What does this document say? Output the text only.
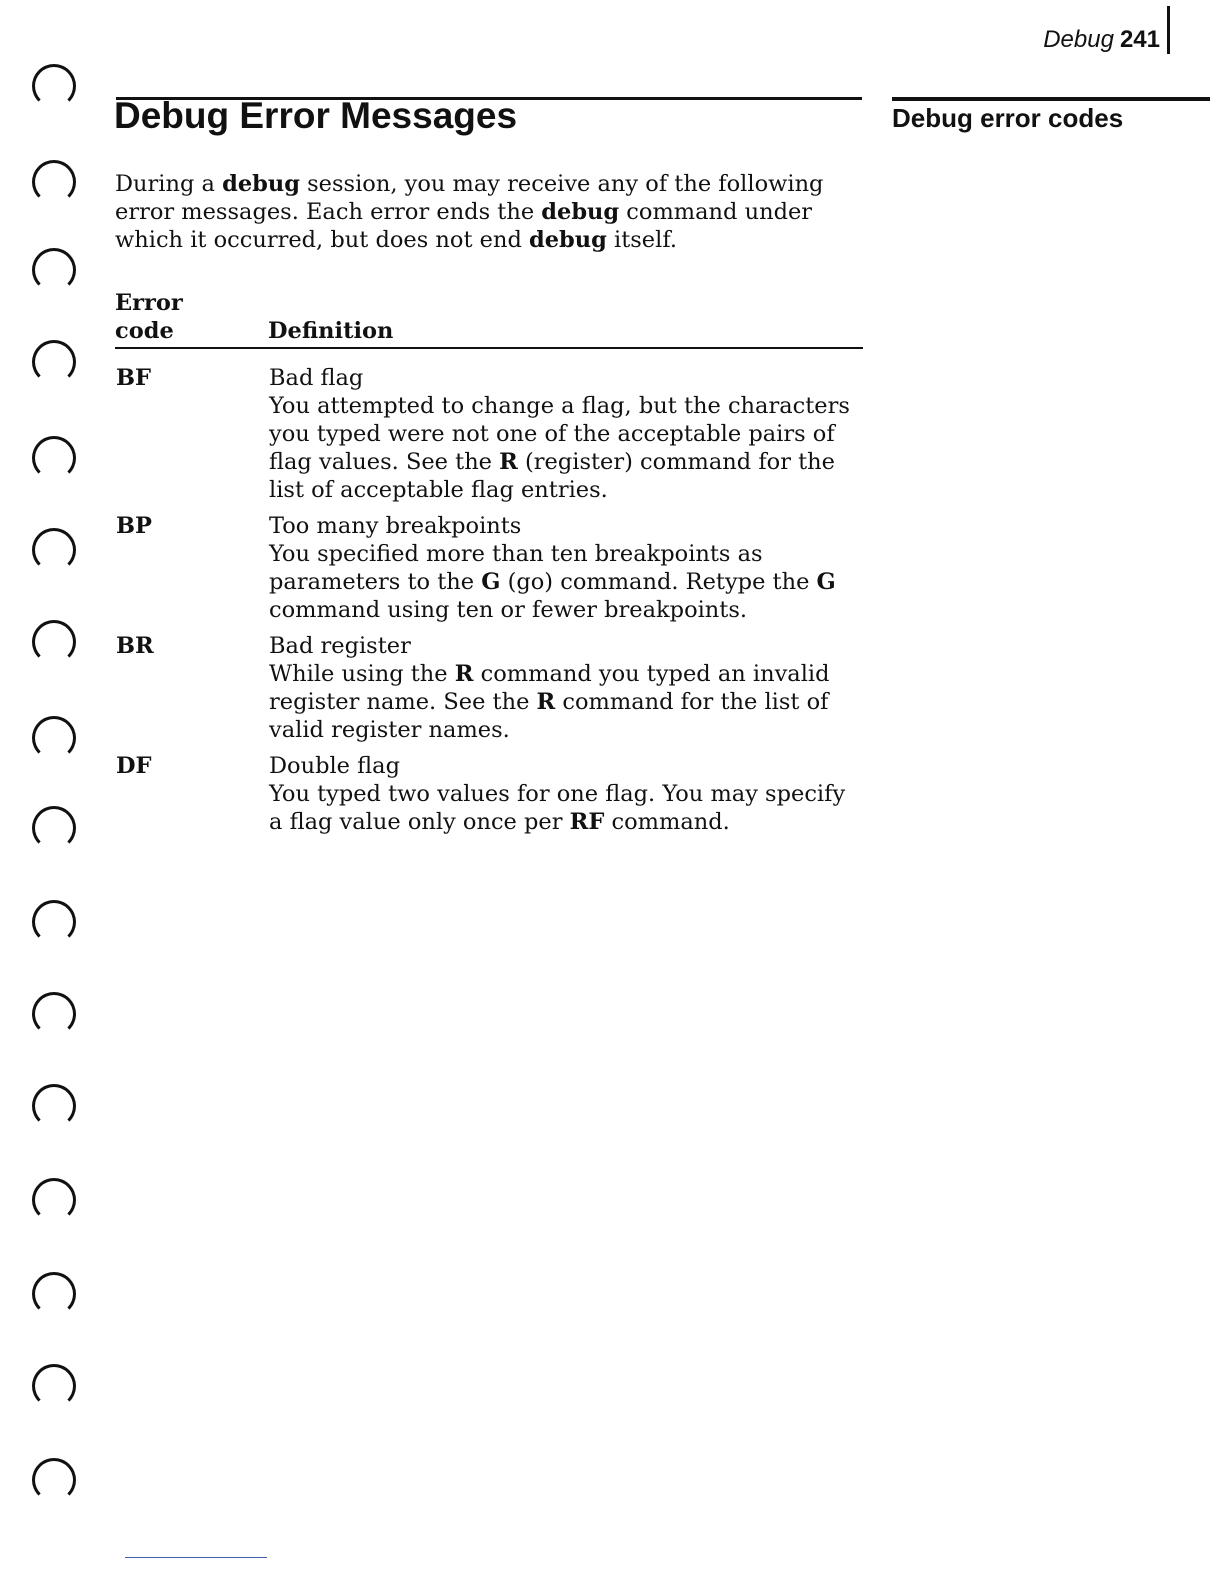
Debug 241
Debug Error Messages	Debug error codes

During a debug session, you may receive any of the following error messages. Each error ends the debug command under which it occurred, but does not end debug itself.

Error
code	Definition
BF	Bad flag
You attempted to change a flag, but the characters you typed were not one of the acceptable pairs of flag values. See the R (register) command for the list of acceptable flag entries.
BP	Too many breakpoints
You specified more than ten breakpoints as parameters to the G (go) command. Retype the G command using ten or fewer breakpoints.
BR	Bad register
While using the R command you typed an invalid register name. See the R command for the list of valid register names.
DF	Double flag
You typed two values for one flag. You may specify a flag value only once per RF command.
